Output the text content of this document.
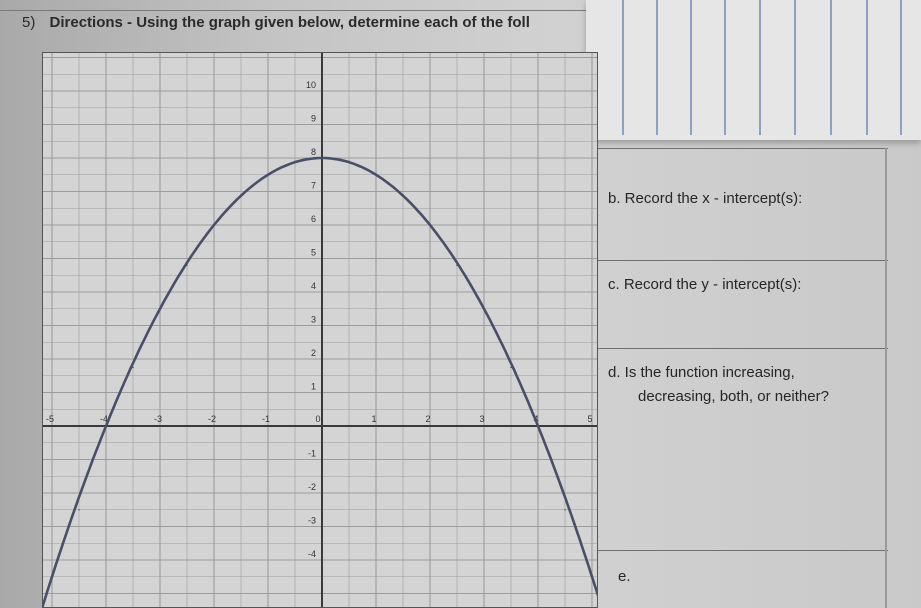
5) Directions - Using the graph given below, determine each of the foll
-5	-4	-3	-2	-1	0	1	2	3	4	5
10
9
8
7
6
5
4
3
2
1
-1
-2
-3
-4
b. Record the x - intercept(s):
c. Record the y - intercept(s):
d. Is the function increasing,
decreasing, both, or neither?
e.
